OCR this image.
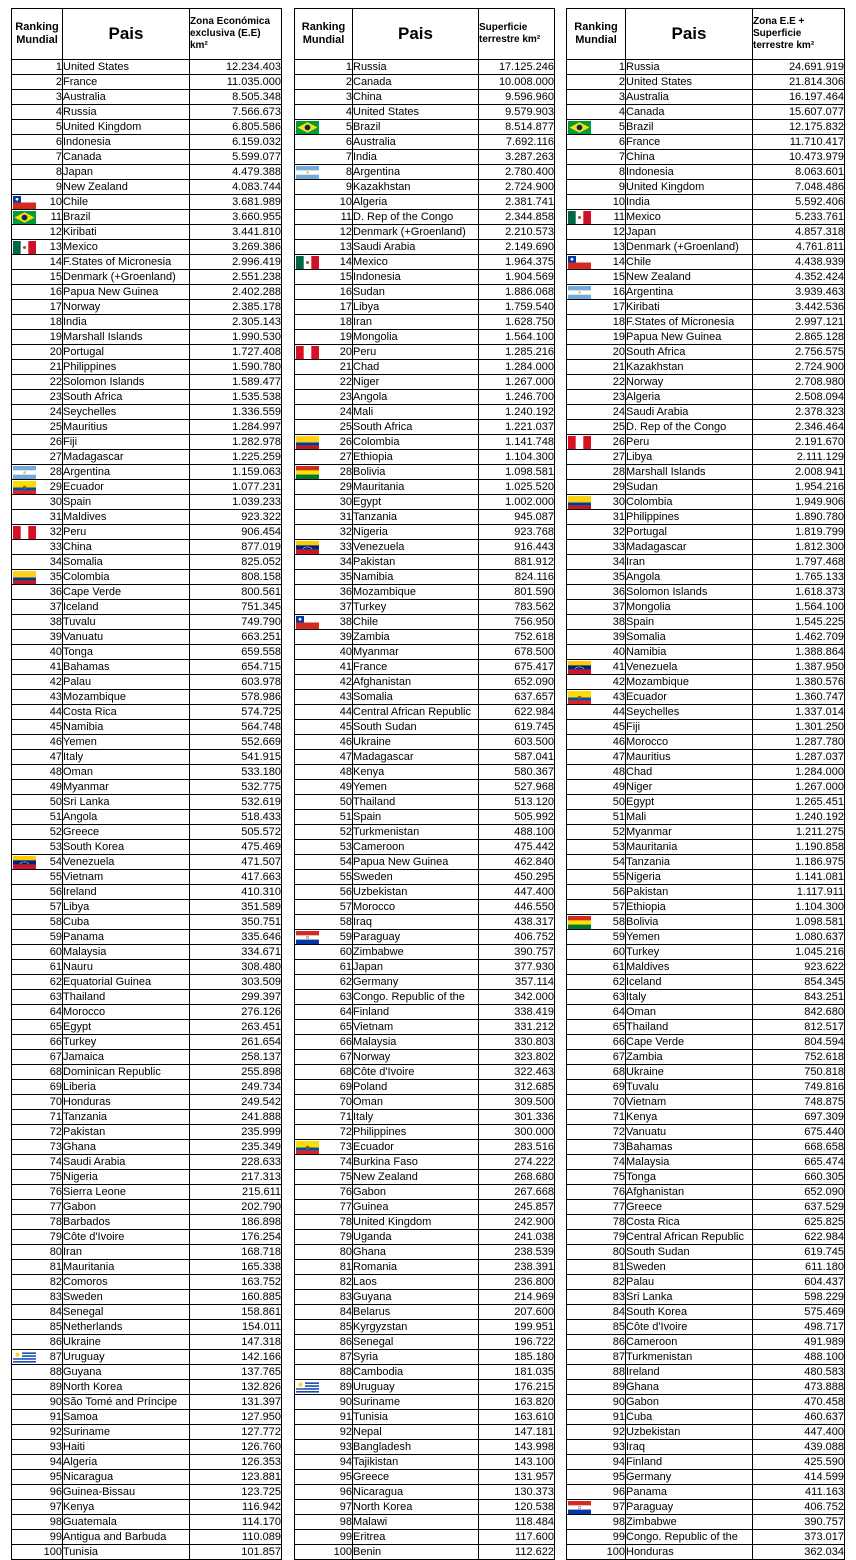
Ranking Mundial	Pais	Zona Económica exclusiva (E.E) km²
1	United States	12.234.403
2	France	11.035.000
3	Australia	8.505.348
4	Russia	7.566.673
5	United Kingdom	6.805.586
6	Indonesia	6.159.032
7	Canada	5.599.077
8	Japan	4.479.388
9	New Zealand	4.083.744

10	Chile	3.681.989

11	Brazil	3.660.955
12	Kiribati	3.441.810

13	Mexico	3.269.386
14	F.States of Micronesia	2.996.419
15	Denmark (+Groenland)	2.551.238
16	Papua New Guinea	2.402.288
17	Norway	2.385.178
18	India	2.305.143
19	Marshall Islands	1.990.530
20	Portugal	1.727.408
21	Philippines	1.590.780
22	Solomon Islands	1.589.477
23	South Africa	1.535.538
24	Seychelles	1.336.559
25	Mauritius	1.284.997
26	Fiji	1.282.978
27	Madagascar	1.225.259

28	Argentina	1.159.063

29	Ecuador	1.077.231
30	Spain	1.039.233
31	Maldives	923.322

32	Peru	906.454
33	China	877.019
34	Somalia	825.052

35	Colombia	808.158
36	Cape Verde	800.561
37	Iceland	751.345
38	Tuvalu	749.790
39	Vanuatu	663.251
40	Tonga	659.558
41	Bahamas	654.715
42	Palau	603.978
43	Mozambique	578.986
44	Costa Rica	574.725
45	Namibia	564.748
46	Yemen	552.669
47	Italy	541.915
48	Oman	533.180
49	Myanmar	532.775
50	Sri Lanka	532.619
51	Angola	518.433
52	Greece	505.572
53	South Korea	475.469

54	Venezuela	471.507
55	Vietnam	417.663
56	Ireland	410.310
57	Libya	351.589
58	Cuba	350.751
59	Panama	335.646
60	Malaysia	334.671
61	Nauru	308.480
62	Equatorial Guinea	303.509
63	Thailand	299.397
64	Morocco	276.126
65	Egypt	263.451
66	Turkey	261.654
67	Jamaica	258.137
68	Dominican Republic	255.898
69	Liberia	249.734
70	Honduras	249.542
71	Tanzania	241.888
72	Pakistan	235.999
73	Ghana	235.349
74	Saudi Arabia	228.633
75	Nigeria	217.313
76	Sierra Leone	215.611
77	Gabon	202.790
78	Barbados	186.898
79	Côte d'Ivoire	176.254
80	Iran	168.718
81	Mauritania	165.338
82	Comoros	163.752
83	Sweden	160.885
84	Senegal	158.861
85	Netherlands	154.011
86	Ukraine	147.318

87	Uruguay	142.166
88	Guyana	137.765
89	North Korea	132.826
90	São Tomé and Príncipe	131.397
91	Samoa	127.950
92	Suriname	127.772
93	Haiti	126.760
94	Algeria	126.353
95	Nicaragua	123.881
96	Guinea-Bissau	123.725
97	Kenya	116.942
98	Guatemala	114.170
99	Antigua and Barbuda	110.089
100	Tunisia	101.857
Ranking Mundial	Pais	Superficie terrestre km²
1	Russia	17.125.246
2	Canada	10.008.000
3	China	9.596.960
4	United States	9.579.903

5	Brazil	8.514.877
6	Australia	7.692.116
7	India	3.287.263

8	Argentina	2.780.400
9	Kazakhstan	2.724.900
10	Algeria	2.381.741
11	D. Rep of the Congo	2.344.858
12	Denmark (+Groenland)	2.210.573
13	Saudi Arabia	2.149.690

14	Mexico	1.964.375
15	Indonesia	1.904.569
16	Sudan	1.886.068
17	Libya	1.759.540
18	Iran	1.628.750
19	Mongolia	1.564.100

20	Peru	1.285.216
21	Chad	1.284.000
22	Niger	1.267.000
23	Angola	1.246.700
24	Mali	1.240.192
25	South Africa	1.221.037

26	Colombia	1.141.748
27	Ethiopia	1.104.300

28	Bolivia	1.098.581
29	Mauritania	1.025.520
30	Egypt	1.002.000
31	Tanzania	945.087
32	Nigeria	923.768

33	Venezuela	916.443
34	Pakistan	881.912
35	Namibia	824.116
36	Mozambique	801.590
37	Turkey	783.562

38	Chile	756.950
39	Zambia	752.618
40	Myanmar	678.500
41	France	675.417
42	Afghanistan	652.090
43	Somalia	637.657
44	Central African Republic	622.984
45	South Sudan	619.745
46	Ukraine	603.500
47	Madagascar	587.041
48	Kenya	580.367
49	Yemen	527.968
50	Thailand	513.120
51	Spain	505.992
52	Turkmenistan	488.100
53	Cameroon	475.442
54	Papua New Guinea	462.840
55	Sweden	450.295
56	Uzbekistan	447.400
57	Morocco	446.550
58	Iraq	438.317

59	Paraguay	406.752
60	Zimbabwe	390.757
61	Japan	377.930
62	Germany	357.114
63	Congo. Republic of the	342.000
64	Finland	338.419
65	Vietnam	331.212
66	Malaysia	330.803
67	Norway	323.802
68	Côte d'Ivoire	322.463
69	Poland	312.685
70	Oman	309.500
71	Italy	301.336
72	Philippines	300.000

73	Ecuador	283.516
74	Burkina Faso	274.222
75	New Zealand	268.680
76	Gabon	267.668
77	Guinea	245.857
78	United Kingdom	242.900
79	Uganda	241.038
80	Ghana	238.539
81	Romania	238.391
82	Laos	236.800
83	Guyana	214.969
84	Belarus	207.600
85	Kyrgyzstan	199.951
86	Senegal	196.722
87	Syria	185.180
88	Cambodia	181.035

89	Uruguay	176.215
90	Suriname	163.820
91	Tunisia	163.610
92	Nepal	147.181
93	Bangladesh	143.998
94	Tajikistan	143.100
95	Greece	131.957
96	Nicaragua	130.373
97	North Korea	120.538
98	Malawi	118.484
99	Eritrea	117.600
100	Benin	112.622
Ranking Mundial	Pais	Zona E.E + Superficie terrestre km²
1	Russia	24.691.919
2	United States	21.814.306
3	Australia	16.197.464
4	Canada	15.607.077

5	Brazil	12.175.832
6	France	11.710.417
7	China	10.473.979
8	Indonesia	8.063.601
9	United Kingdom	7.048.486
10	India	5.592.406

11	Mexico	5.233.761
12	Japan	4.857.318
13	Denmark (+Groenland)	4.761.811

14	Chile	4.438.939
15	New Zealand	4.352.424

16	Argentina	3.939.463
17	Kiribati	3.442.536
18	F.States of Micronesia	2.997.121
19	Papua New Guinea	2.865.128
20	South Africa	2.756.575
21	Kazakhstan	2.724.900
22	Norway	2.708.980
23	Algeria	2.508.094
24	Saudi Arabia	2.378.323
25	D. Rep of the Congo	2.346.464

26	Peru	2.191.670
27	Libya	2.111.129
28	Marshall Islands	2.008.941
29	Sudan	1.954.216

30	Colombia	1.949.906
31	Philippines	1.890.780
32	Portugal	1.819.799
33	Madagascar	1.812.300
34	Iran	1.797.468
35	Angola	1.765.133
36	Solomon Islands	1.618.373
37	Mongolia	1.564.100
38	Spain	1.545.225
39	Somalia	1.462.709
40	Namibia	1.388.864

41	Venezuela	1.387.950
42	Mozambique	1.380.576

43	Ecuador	1.360.747
44	Seychelles	1.337.014
45	Fiji	1.301.250
46	Morocco	1.287.780
47	Mauritius	1.287.037
48	Chad	1.284.000
49	Niger	1.267.000
50	Egypt	1.265.451
51	Mali	1.240.192
52	Myanmar	1.211.275
53	Mauritania	1.190.858
54	Tanzania	1.186.975
55	Nigeria	1.141.081
56	Pakistan	1.117.911
57	Ethiopia	1.104.300

58	Bolivia	1.098.581
59	Yemen	1.080.637
60	Turkey	1.045.216
61	Maldives	923.622
62	Iceland	854.345
63	Italy	843.251
64	Oman	842.680
65	Thailand	812.517
66	Cape Verde	804.594
67	Zambia	752.618
68	Ukraine	750.818
69	Tuvalu	749.816
70	Vietnam	748.875
71	Kenya	697.309
72	Vanuatu	675.440
73	Bahamas	668.658
74	Malaysia	665.474
75	Tonga	660.305
76	Afghanistan	652.090
77	Greece	637.529
78	Costa Rica	625.825
79	Central African Republic	622.984
80	South Sudan	619.745
81	Sweden	611.180
82	Palau	604.437
83	Sri Lanka	598.229
84	South Korea	575.469
85	Côte d'Ivoire	498.717
86	Cameroon	491.989
87	Turkmenistan	488.100
88	Ireland	480.583
89	Ghana	473.888
90	Gabon	470.458
91	Cuba	460.637
92	Uzbekistan	447.400
93	Iraq	439.088
94	Finland	425.590
95	Germany	414.599
96	Panama	411.163

97	Paraguay	406.752
98	Zimbabwe	390.757
99	Congo. Republic of the	373.017
100	Honduras	362.034
